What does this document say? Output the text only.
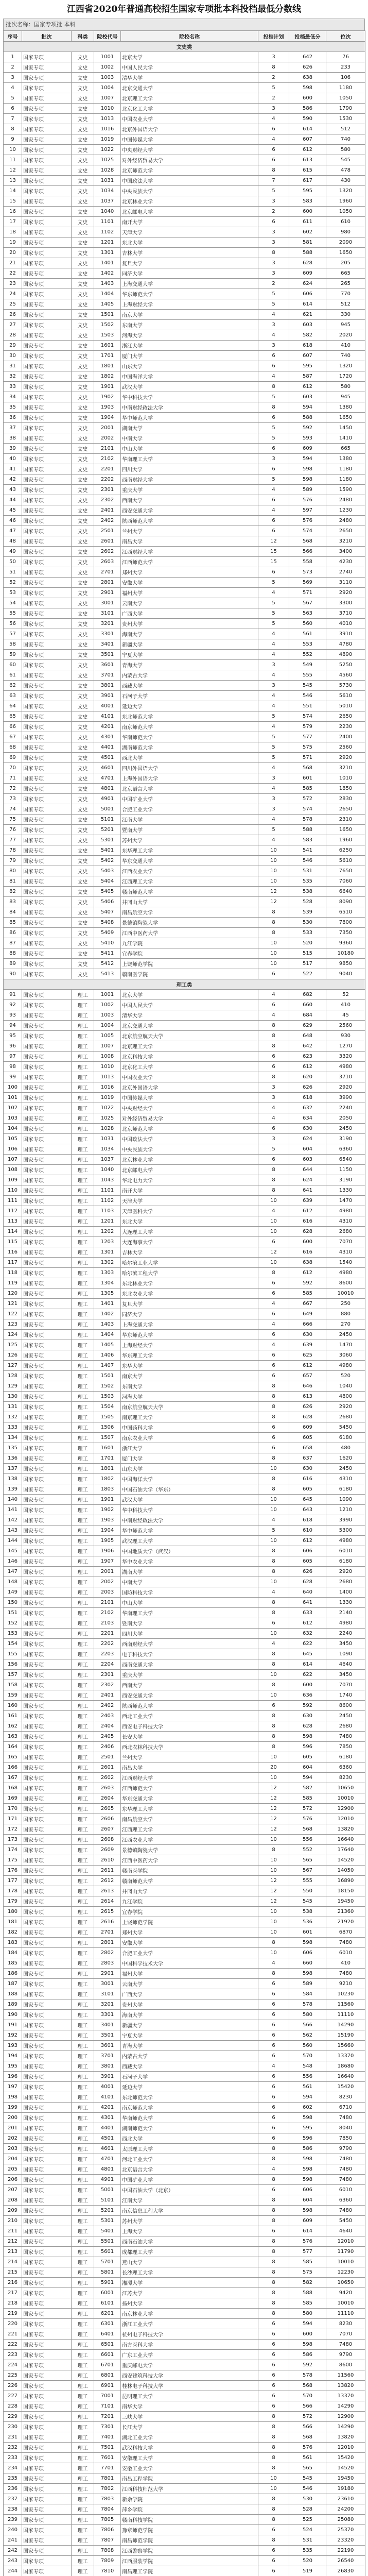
江西省2020年普通高校招生国家专项批本科投档最低分数线
批次名称：国家专项批 本科
序号	批次	科类	院校代号	院校名称	投档计划	投档最低分	位次
文史类							
1	国家专项	文史	1001	北京大学	3	642	76
2	国家专项	文史	1002	中国人民大学	8	626	233
3	国家专项	文史	1003	清华大学	2	638	106
4	国家专项	文史	1004	北京交通大学	5	598	1180
5	国家专项	文史	1007	北京理工大学	2	600	1050
6	国家专项	文史	1010	北京化工大学	3	586	1790
7	国家专项	文史	1013	中国农业大学	4	590	1530
8	国家专项	文史	1016	北京外国语大学	6	614	512
9	国家专项	文史	1019	中国传媒大学	4	607	740
10	国家专项	文史	1022	中央财经大学	6	612	580
11	国家专项	文史	1025	对外经济贸易大学	6	613	545
12	国家专项	文史	1028	北京师范大学	8	615	478
13	国家专项	文史	1031	中国政法大学	7	617	430
14	国家专项	文史	1034	中央民族大学	5	595	1320
15	国家专项	文史	1037	北京林业大学	3	583	1960
16	国家专项	文史	1040	北京邮电大学	2	600	1050
17	国家专项	文史	1101	南开大学	6	611	610
18	国家专项	文史	1102	天津大学	3	602	980
19	国家专项	文史	1201	东北大学	3	581	2090
20	国家专项	文史	1301	吉林大学	8	588	1650
21	国家专项	文史	1401	复旦大学	3	628	205
22	国家专项	文史	1402	同济大学	3	609	665
23	国家专项	文史	1403	上海交通大学	2	624	265
24	国家专项	文史	1404	华东师范大学	5	606	770
25	国家专项	文史	1405	上海财经大学	5	614	512
26	国家专项	文史	1501	南京大学	4	621	330
27	国家专项	文史	1502	东南大学	3	603	945
28	国家专项	文史	1503	河海大学	4	582	2020
29	国家专项	文史	1601	浙江大学	3	618	410
30	国家专项	文史	1701	厦门大学	6	607	740
31	国家专项	文史	1801	山东大学	6	595	1320
32	国家专项	文史	1802	中国海洋大学	4	587	1720
33	国家专项	文史	1901	武汉大学	8	612	580
34	国家专项	文史	1902	华中科技大学	5	603	945
35	国家专项	文史	1903	中南财经政法大学	8	594	1380
36	国家专项	文史	1904	华中师范大学	6	588	1650
37	国家专项	文史	2001	湖南大学	5	592	1450
38	国家专项	文史	2002	中南大学	5	593	1410
39	国家专项	文史	2101	中山大学	6	609	665
40	国家专项	文史	2102	华南理工大学	3	594	1380
41	国家专项	文史	2201	四川大学	6	598	1180
42	国家专项	文史	2202	西南财经大学	5	598	1180
43	国家专项	文史	2301	重庆大学	4	589	1590
44	国家专项	文史	2302	西南大学	6	576	2480
45	国家专项	文史	2401	西安交通大学	4	597	1230
46	国家专项	文史	2402	陕西师范大学	6	576	2480
47	国家专项	文史	2501	兰州大学	6	574	2650
48	国家专项	文史	2601	南昌大学	12	568	3210
49	国家专项	文史	2602	江西财经大学	15	566	3400
50	国家专项	文史	2603	江西师范大学	15	558	4230
51	国家专项	文史	2701	郑州大学	6	573	2740
52	国家专项	文史	2801	安徽大学	5	569	3110
53	国家专项	文史	2901	福州大学	4	571	2920
54	国家专项	文史	3001	云南大学	5	567	3300
55	国家专项	文史	3101	广西大学	5	563	3710
56	国家专项	文史	3201	贵州大学	5	560	4010
57	国家专项	文史	3301	海南大学	4	561	3910
58	国家专项	文史	3401	新疆大学	4	553	4780
59	国家专项	文史	3501	宁夏大学	4	552	4890
60	国家专项	文史	3601	青海大学	3	549	5250
61	国家专项	文史	3701	内蒙古大学	4	555	4560
62	国家专项	文史	3801	西藏大学	3	545	5730
63	国家专项	文史	3901	石河子大学	4	546	5610
64	国家专项	文史	4001	延边大学	4	551	5010
65	国家专项	文史	4101	东北师范大学	5	574	2650
66	国家专项	文史	4201	南京师范大学	4	579	2230
67	国家专项	文史	4301	华南师范大学	5	577	2400
68	国家专项	文史	4401	湖南师范大学	5	575	2560
69	国家专项	文史	4501	西北大学	5	571	2920
70	国家专项	文史	4601	四川外国语大学	4	568	3210
71	国家专项	文史	4701	上海外国语大学	3	601	1010
72	国家专项	文史	4801	北京语言大学	4	585	1850
73	国家专项	文史	4901	中国矿业大学	3	572	2830
74	国家专项	文史	5001	合肥工业大学	3	574	2650
75	国家专项	文史	5101	江南大学	4	578	2310
76	国家专项	文史	5201	暨南大学	5	588	1650
77	国家专项	文史	5301	苏州大学	4	583	1960
78	国家专项	文史	5401	东华理工大学	10	541	6250
79	国家专项	文史	5402	华东交通大学	10	546	5610
80	国家专项	文史	5403	江西农业大学	10	531	7650
81	国家专项	文史	5404	江西理工大学	10	535	7060
82	国家专项	文史	5405	赣南师范大学	12	538	6640
83	国家专项	文史	5406	井冈山大学	12	528	8090
84	国家专项	文史	5407	南昌航空大学	8	539	6510
85	国家专项	文史	5408	景德镇陶瓷大学	8	530	7800
86	国家专项	文史	5409	江西中医药大学	8	533	7350
87	国家专项	文史	5410	九江学院	10	520	9360
88	国家专项	文史	5411	宜春学院	10	515	10180
89	国家专项	文史	5412	上饶师范学院	10	517	9850
90	国家专项	文史	5413	赣南医学院	6	522	9040
理工类							
91	国家专项	理工	1001	北京大学	4	682	52
92	国家专项	理工	1002	中国人民大学	6	660	410
93	国家专项	理工	1003	清华大学	4	684	45
94	国家专项	理工	1004	北京交通大学	8	629	2560
95	国家专项	理工	1005	北京航空航天大学	8	648	930
96	国家专项	理工	1007	北京理工大学	8	642	1270
97	国家专项	理工	1008	北京科技大学	6	623	3320
98	国家专项	理工	1010	北京化工大学	6	612	4980
99	国家专项	理工	1013	中国农业大学	8	620	3710
100	国家专项	理工	1016	北京外国语大学	3	626	2920
101	国家专项	理工	1019	中国传媒大学	3	618	3990
102	国家专项	理工	1022	中央财经大学	4	632	2240
103	国家专项	理工	1025	对外经济贸易大学	4	634	2050
104	国家专项	理工	1028	北京师范大学	6	630	2450
105	国家专项	理工	1031	中国政法大学	3	624	3190
106	国家专项	理工	1034	中央民族大学	5	604	6360
107	国家专项	理工	1037	北京林业大学	6	603	6540
108	国家专项	理工	1040	北京邮电大学	8	644	1150
109	国家专项	理工	1043	华北电力大学	8	624	3190
110	国家专项	理工	1101	南开大学	8	641	1330
111	国家专项	理工	1102	天津大学	10	639	1470
112	国家专项	理工	1103	天津医科大学	4	612	4980
113	国家专项	理工	1201	东北大学	10	616	4310
114	国家专项	理工	1202	大连理工大学	10	628	2680
115	国家专项	理工	1203	大连海事大学	6	600	7070
116	国家专项	理工	1301	吉林大学	12	616	4310
117	国家专项	理工	1302	哈尔滨工业大学	10	638	1540
118	国家专项	理工	1303	哈尔滨工程大学	8	612	4980
119	国家专项	理工	1304	东北林业大学	6	592	8600
120	国家专项	理工	1305	东北农业大学	6	585	10010
121	国家专项	理工	1401	复旦大学	4	667	250
122	国家专项	理工	1402	同济大学	6	649	880
123	国家专项	理工	1403	上海交通大学	4	666	270
124	国家专项	理工	1404	华东师范大学	6	630	2450
125	国家专项	理工	1405	上海财经大学	4	639	1470
126	国家专项	理工	1406	华东理工大学	6	625	3060
127	国家专项	理工	1407	东华大学	6	612	4980
128	国家专项	理工	1501	南京大学	6	657	520
129	国家专项	理工	1502	东南大学	8	646	1040
130	国家专项	理工	1503	河海大学	8	613	4800
131	国家专项	理工	1504	南京航空航天大学	8	626	2920
132	国家专项	理工	1505	南京理工大学	8	628	2680
133	国家专项	理工	1506	中国药科大学	6	609	5450
134	国家专项	理工	1507	南京农业大学	6	605	6180
135	国家专项	理工	1601	浙江大学	6	658	480
136	国家专项	理工	1701	厦门大学	8	637	1620
137	国家专项	理工	1801	山东大学	10	630	2450
138	国家专项	理工	1802	中国海洋大学	8	616	4310
139	国家专项	理工	1803	中国石油大学（华东）	8	605	6180
140	国家专项	理工	1901	武汉大学	10	645	1090
141	国家专项	理工	1902	华中科技大学	10	643	1210
142	国家专项	理工	1903	中南财经政法大学	4	618	3990
143	国家专项	理工	1904	华中师范大学	5	610	5300
144	国家专项	理工	1905	武汉理工大学	10	612	4980
145	国家专项	理工	1906	中国地质大学（武汉）	8	606	6010
146	国家专项	理工	1907	华中农业大学	8	605	6180
147	国家专项	理工	2001	湖南大学	8	626	2920
148	国家专项	理工	2002	中南大学	10	628	2680
149	国家专项	理工	2003	国防科技大学	4	640	1400
150	国家专项	理工	2101	中山大学	8	641	1330
151	国家专项	理工	2102	华南理工大学	8	633	2140
152	国家专项	理工	2103	暨南大学	6	612	4980
153	国家专项	理工	2201	四川大学	10	632	2240
154	国家专项	理工	2202	西南财经大学	4	622	3450
155	国家专项	理工	2203	电子科技大学	8	645	1090
156	国家专项	理工	2204	西南交通大学	8	614	4640
157	国家专项	理工	2301	重庆大学	10	622	3450
158	国家专项	理工	2302	西南大学	8	600	7070
159	国家专项	理工	2401	西安交通大学	10	636	1740
160	国家专项	理工	2402	陕西师范大学	6	592	8600
161	国家专项	理工	2403	西北工业大学	8	630	2450
162	国家专项	理工	2404	西安电子科技大学	8	628	2680
163	国家专项	理工	2405	长安大学	8	598	7480
164	国家专项	理工	2406	西北农林科技大学	8	596	7850
165	国家专项	理工	2501	兰州大学	10	605	6180
166	国家专项	理工	2601	南昌大学	20	604	6360
167	国家专项	理工	2602	江西财经大学	10	594	8230
168	国家专项	理工	2603	江西师范大学	12	582	10650
169	国家专项	理工	2604	华东交通大学	12	585	10010
170	国家专项	理工	2605	东华理工大学	12	572	12900
171	国家专项	理工	2606	南昌航空大学	12	576	12010
172	国家专项	理工	2607	江西理工大学	12	568	13820
173	国家专项	理工	2608	江西农业大学	10	556	16640
174	国家专项	理工	2609	景德镇陶瓷大学	8	552	17640
175	国家专项	理工	2610	江西中医药大学	10	565	14520
176	国家专项	理工	2611	赣南医学院	10	567	14050
177	国家专项	理工	2612	赣南师范大学	12	555	16890
178	国家专项	理工	2613	井冈山大学	12	550	18150
179	国家专项	理工	2614	九江学院	12	545	19450
180	国家专项	理工	2615	宜春学院	10	538	21360
181	国家专项	理工	2616	上饶师范学院	10	536	21920
182	国家专项	理工	2701	郑州大学	10	601	6870
183	国家专项	理工	2801	安徽大学	8	598	7480
184	国家专项	理工	2802	合肥工业大学	10	606	6010
185	国家专项	理工	2803	中国科学技术大学	4	660	410
186	国家专项	理工	2901	福州大学	8	598	7480
187	国家专项	理工	3001	云南大学	6	589	9210
188	国家专项	理工	3101	广西大学	6	584	10230
189	国家专项	理工	3201	贵州大学	6	578	11560
190	国家专项	理工	3301	海南大学	6	580	11110
191	国家专项	理工	3401	新疆大学	6	566	14290
192	国家专项	理工	3501	宁夏大学	6	562	15190
193	国家专项	理工	3601	青海大学	6	560	15660
194	国家专项	理工	3701	内蒙古大学	6	570	13370
195	国家专项	理工	3801	西藏大学	4	548	18680
196	国家专项	理工	3901	石河子大学	6	556	16640
197	国家专项	理工	4001	延边大学	6	561	15420
198	国家专项	理工	4101	东北师范大学	6	594	8230
199	国家专项	理工	4201	南京师范大学	6	602	6710
200	国家专项	理工	4301	华南师范大学	6	598	7480
201	国家专项	理工	4401	湖南师范大学	6	595	8040
202	国家专项	理工	4501	西北大学	6	596	7850
203	国家专项	理工	4601	太原理工大学	8	586	9790
204	国家专项	理工	4701	河北工业大学	8	598	7480
205	国家专项	理工	4801	北京语言大学	4	598	7480
206	国家专项	理工	4901	中国矿业大学	8	598	7480
207	国家专项	理工	5001	中国石油大学（北京）	6	606	6010
208	国家专项	理工	5101	江南大学	8	604	6360
209	国家专项	理工	5201	南京信息工程大学	8	598	7480
210	国家专项	理工	5301	苏州大学	8	609	5450
211	国家专项	理工	5401	上海大学	6	614	4640
212	国家专项	理工	5501	西南石油大学	8	576	12010
213	国家专项	理工	5601	成都理工大学	8	577	11790
214	国家专项	理工	5701	燕山大学	8	585	10010
215	国家专项	理工	5801	长沙理工大学	8	575	12230
216	国家专项	理工	5901	湘潭大学	8	582	10650
217	国家专项	理工	6001	江苏大学	8	588	9420
218	国家专项	理工	6101	扬州大学	8	585	10010
219	国家专项	理工	6201	南京林业大学	8	580	11110
220	国家专项	理工	6301	浙江工业大学	6	594	8230
221	国家专项	理工	6401	杭州电子科技大学	6	600	7070
222	国家专项	理工	6501	南方医科大学	6	598	7480
223	国家专项	理工	6601	广东工业大学	6	586	9790
224	国家专项	理工	6701	重庆邮电大学	6	592	8600
225	国家专项	理工	6801	西安建筑科技大学	6	578	11560
226	国家专项	理工	6901	桂林电子科技大学	6	568	13820
227	国家专项	理工	7001	昆明理工大学	6	570	13370
228	国家专项	理工	7101	南华大学	6	566	14290
229	国家专项	理工	7201	三峡大学	8	572	12900
230	国家专项	理工	7301	长江大学	8	566	14290
231	国家专项	理工	7401	湖北工业大学	8	568	13820
232	国家专项	理工	7501	武汉科技大学	8	576	12010
233	国家专项	理工	7601	安徽理工大学	8	561	15420
234	国家专项	理工	7701	安徽工业大学	8	565	14520
235	国家专项	理工	7801	南昌工程学院	10	545	19450
236	国家专项	理工	7802	江西科技师范大学	10	546	19180
237	国家专项	理工	7803	新余学院	8	530	23610
238	国家专项	理工	7804	萍乡学院	8	528	24200
239	国家专项	理工	7805	赣南科技学院	8	525	25080
240	国家专项	理工	7806	豫章师范学院	6	524	25370
241	国家专项	理工	7807	南昌师范学院	8	531	23320
242	国家专项	理工	7808	江西警察学院	6	535	22190
243	国家专项	理工	7809	江西服装学院	6	520	26540
244	国家专项	理工	7810	南昌理工学院	6	519	26830
